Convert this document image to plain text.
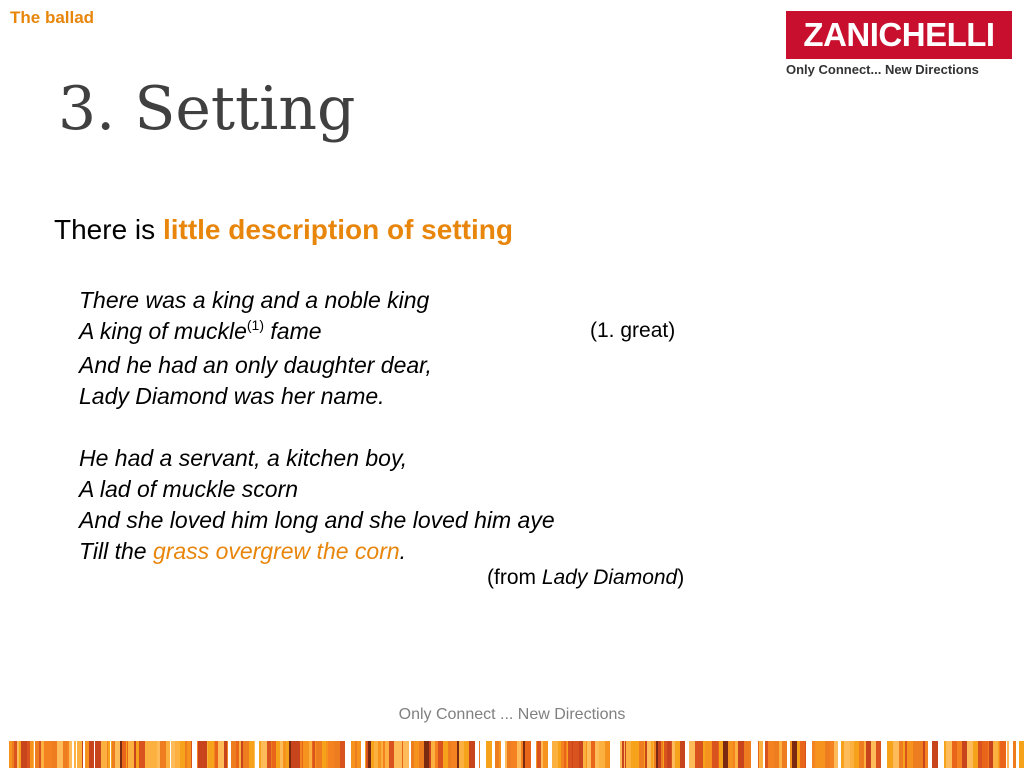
The ballad	ZANICHELLI
Only Connect... New Directions
3. Setting
There is little description of setting
There was a king and a noble king
A king of muckle$^{(1)}$ fame
And he had an only daughter dear,
Lady Diamond was her name.
He had a servant, a kitchen boy,
A lad of muckle scorn
And she loved him long and she loved him aye
Till the grass overgrew the corn.
(1. great)
(from Lady Diamond)
Only Connect ... New Directions
